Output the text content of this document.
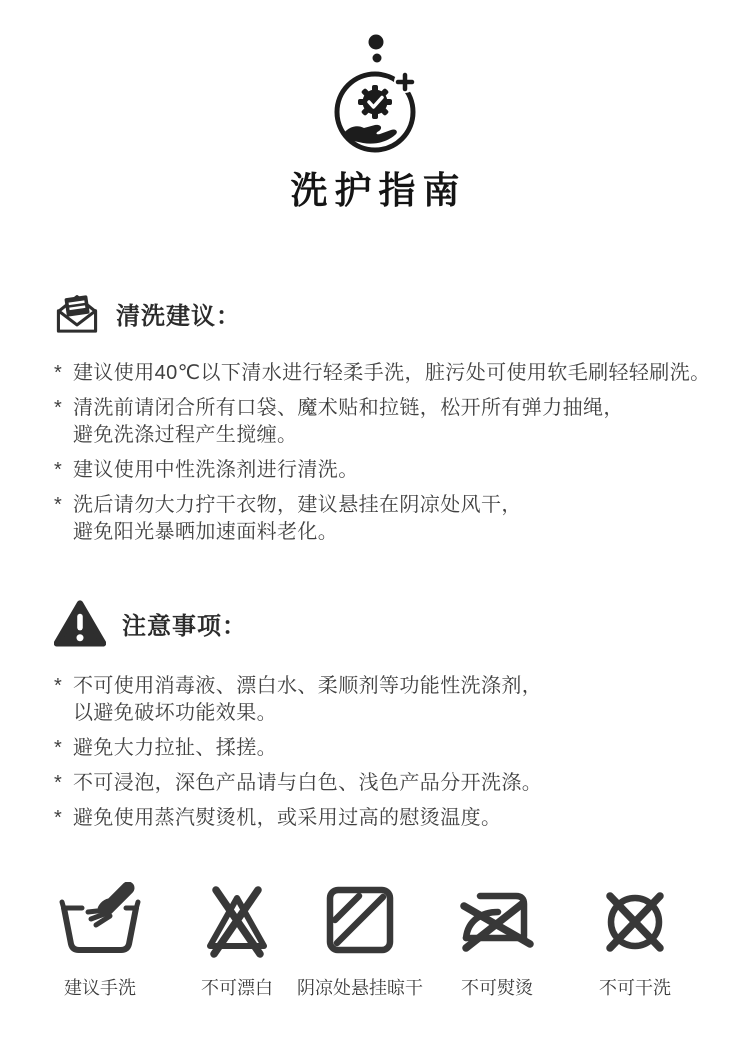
洗护指南
清洗建议：
* 建议使用40℃以下清水进行轻柔手洗，脏污处可使用软毛刷轻轻刷洗。
* 清洗前请闭合所有口袋、魔术贴和拉链，松开所有弹力抽绳，
避免洗涤过程产生搅缠。
* 建议使用中性洗涤剂进行清洗。
* 洗后请勿大力拧干衣物，建议悬挂在阴凉处风干，
避免阳光暴晒加速面料老化。
注意事项：
* 不可使用消毒液、漂白水、柔顺剂等功能性洗涤剂，
以避免破坏功能效果。
* 避免大力拉扯、揉搓。
* 不可浸泡，深色产品请与白色、浅色产品分开洗涤。
* 避免使用蒸汽熨烫机，或采用过高的慰烫温度。
建议手洗	不可漂白 阴凉处悬挂晾干 不可熨烫	不可干洗
